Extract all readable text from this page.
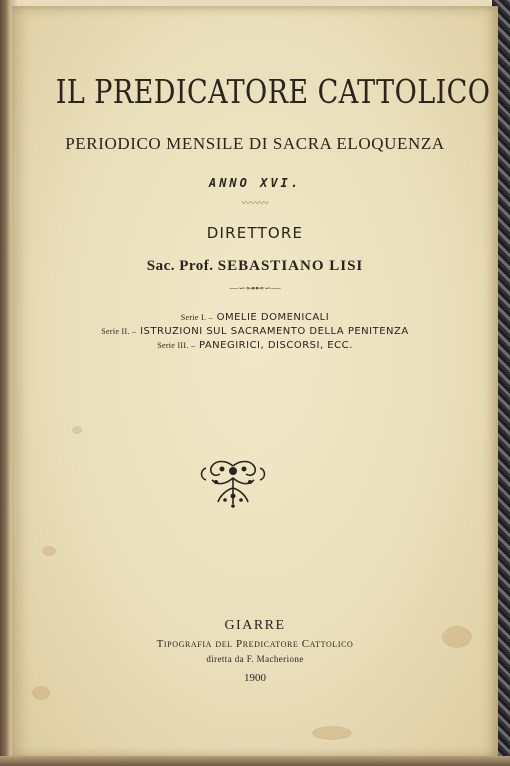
IL PREDICATORE CATTOLICO
PERIODICO MENSILE DI SACRA ELOQUENZA
ANNO XVI.
〰〰〰
DIRETTORE
Sac. Prof. SEBASTIANO LISI
—∽⊶⊷∽—
Serie I. – OMELIE DOMENICALI
Serie II. – ISTRUZIONI SUL SACRAMENTO DELLA PENITENZA
Serie III. – PANEGIRICI, DISCORSI, ECC.
GIARRE
Tipografia del Predicatore Cattolico
diretta da F. Macherione
1900
